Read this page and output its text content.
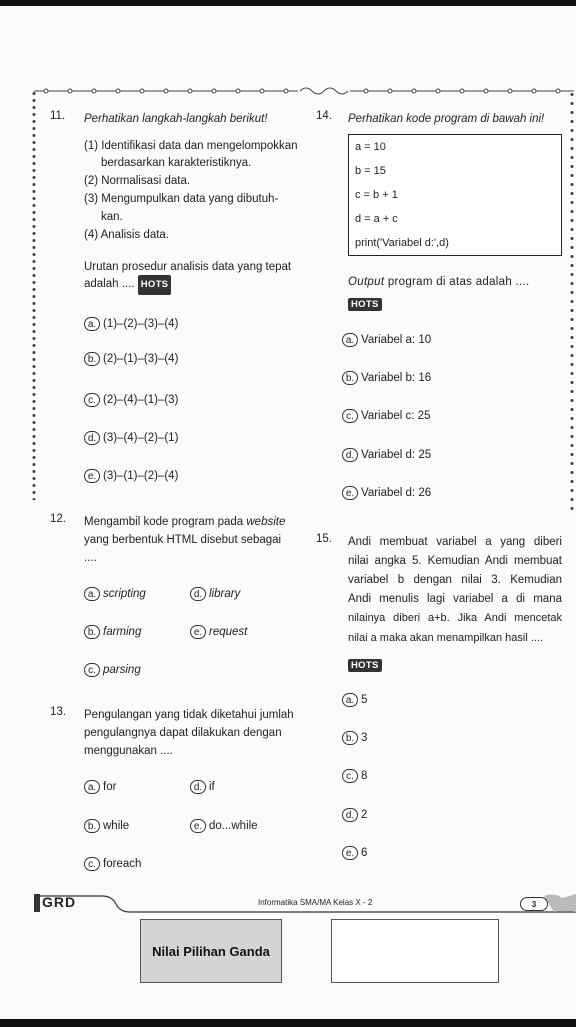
11. Perhatikan langkah-langkah berikut!
(1) Identifikasi data dan mengelompokkan
berdasarkan karakteristiknya.
(2) Normalisasi data.
(3) Mengumpulkan data yang dibutuh-
kan.
(4) Analisis data.
Urutan prosedur analisis data yang tepat
adalah .... HOTS
a. (1)–(2)–(3)–(4)
b. (2)–(1)–(3)–(4)
c. (2)–(4)–(1)–(3)
d. (3)–(4)–(2)–(1)
e. (3)–(1)–(2)–(4)
12. Mengambil kode program pada website
yang berbentuk HTML disebut sebagai
....
a. scripting
b. farming
c. parsing
d. library
e. request
13. Pengulangan yang tidak diketahui jumlah
pengulangnya dapat dilakukan dengan
menggunakan ....
a. for
b. while
c. foreach
d. if
e. do...while
14. Perhatikan kode program di bawah ini!
a = 10
b = 15
c = b + 1
d = a + c
print('Variabel d:',d)
Output program di atas adalah ....
HOTS
a. Variabel a: 10
b. Variabel b: 16
c. Variabel c: 25
d. Variabel d: 25
e. Variabel d: 26
15. Andi membuat variabel a yang diberi
nilai angka 5. Kemudian Andi membuat
variabel b dengan nilai 3. Kemudian
Andi menulis lagi variabel a di mana
nilainya diberi a+b. Jika Andi mencetak
nilai a maka akan menampilkan hasil ....
HOTS
a. 5
b. 3
c. 8
d. 2
e. 6
GRD	Informatika SMA/MA Kelas X - 2	3
Nilai Pilihan Ganda
